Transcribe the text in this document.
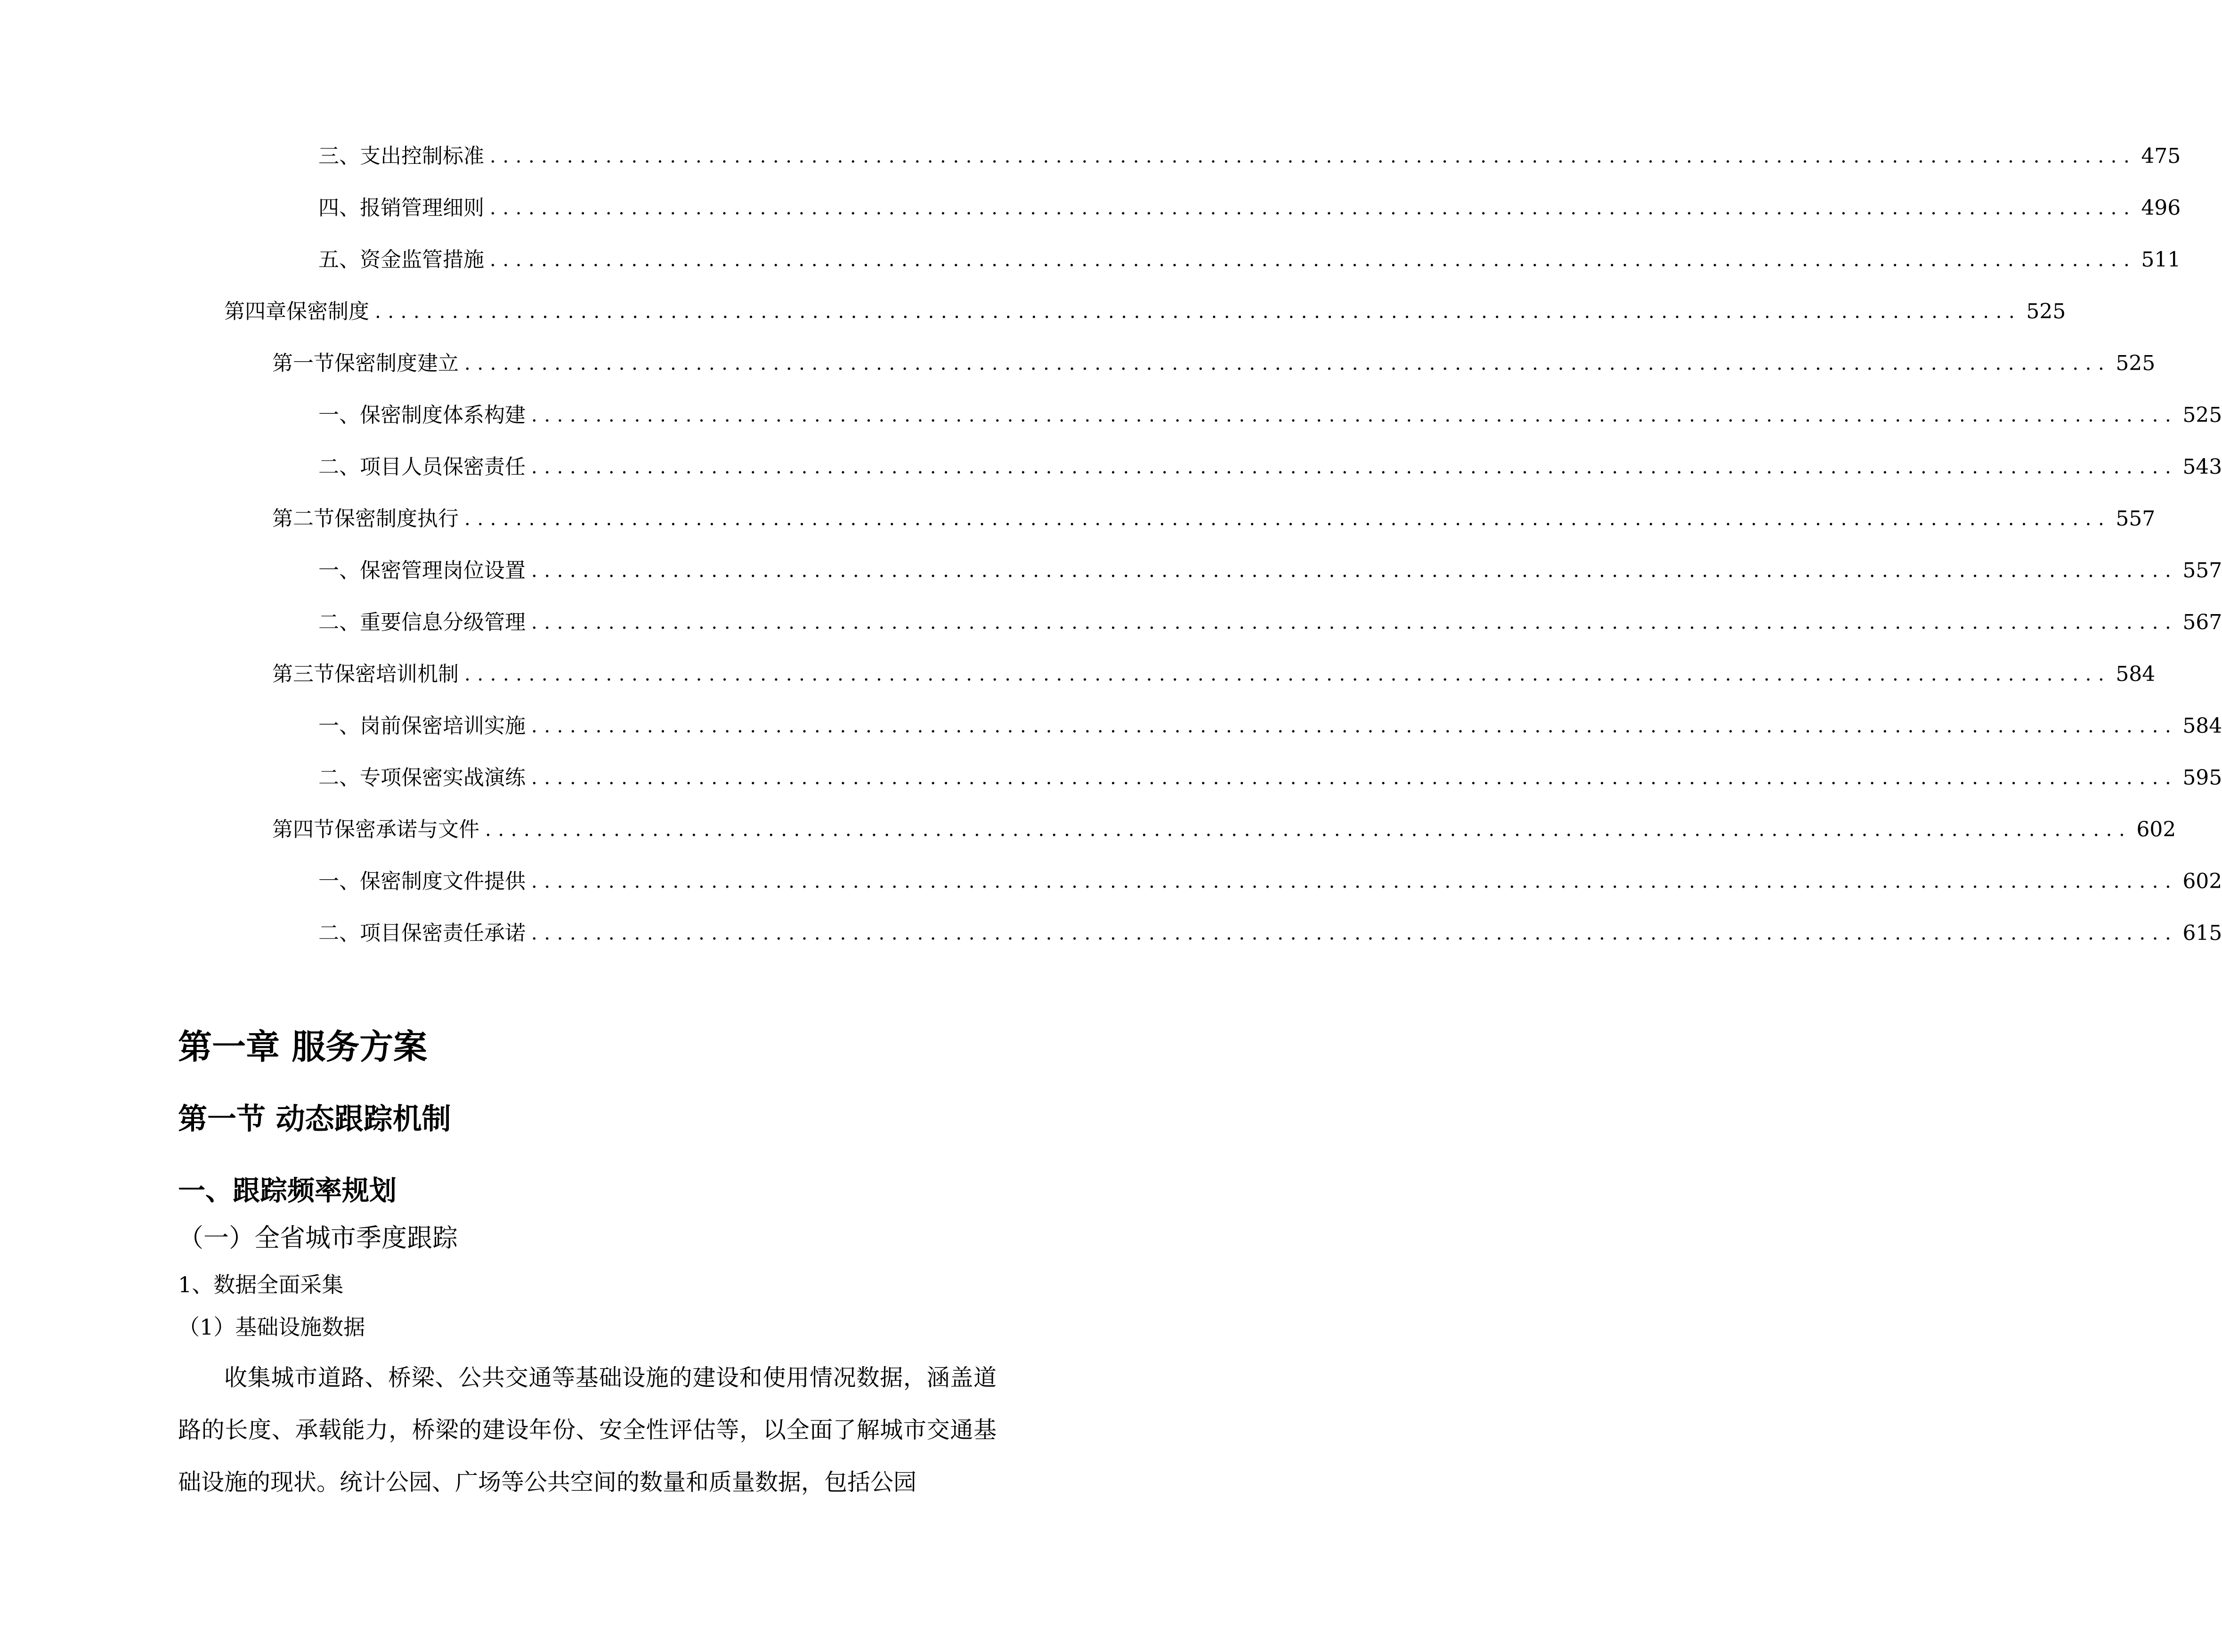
三、 支出控制标准 ................................................................................................................................ 475
四、 报销管理细则 ................................................................................................................................ 496
五、 资金监管措施 ................................................................................................................................ 511
第四章 保密制度 ................................................................................................................................ 525
第一节 保密制度建立 ................................................................................................................................ 525
一、 保密制度体系构建 ................................................................................................................................ 525
二、 项目人员保密责任 ................................................................................................................................ 543
第二节 保密制度执行 ................................................................................................................................ 557
一、 保密管理岗位设置 ................................................................................................................................ 557
二、 重要信息分级管理 ................................................................................................................................ 567
第三节 保密培训机制 ................................................................................................................................ 584
一、 岗前保密培训实施 ................................................................................................................................ 584
二、 专项保密实战演练 ................................................................................................................................ 595
第四节 保密承诺与文件 ................................................................................................................................ 602
一、 保密制度文件提供 ................................................................................................................................ 602
二、 项目保密责任承诺 ................................................................................................................................ 615
第一章 服务方案
第一节 动态跟踪机制
一、跟踪频率规划
（一）全省城市季度跟踪
1、数据全面采集
（1）基础设施数据

收集城市道路、桥梁、公共交通等基础设施的建设和使用情况数据，涵盖道路的长度、承载能力，桥梁的建设年份、安全性评估等，以全面了解城市交通基础设施的现状。统计公园、广场等公共空间的数量和质量数据，包括公园
